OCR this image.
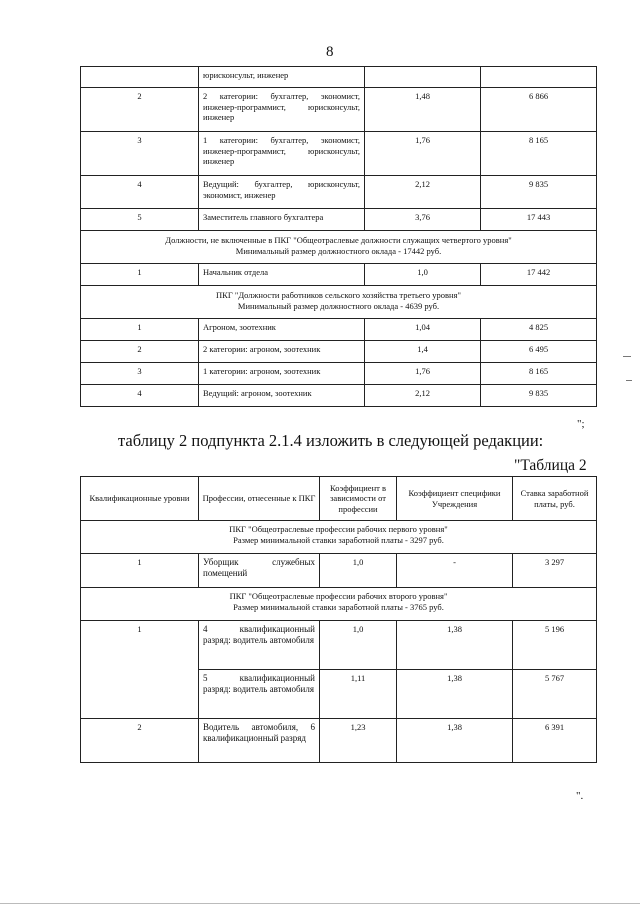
8
	юрисконсульт, инженер		
2	2 категории: бухгалтер, экономист, инженер-программист, юрисконсульт, инженер	1,48	6 866
3	1 категории: бухгалтер, экономист, инженер-программист, юрисконсульт, инженер	1,76	8 165
4	Ведущий: бухгалтер, юрисконсульт, экономист, инженер	2,12	9 835
5	Заместитель главного бухгалтера	3,76	17 443

Должности, не включенные в ПКГ "Общеотраслевые должности служащих четвертого уровня"
Минимальный размер должностного оклада - 17442 руб.			

1	Начальник отдела	1,0	17 442

ПКГ "Должности работников сельского хозяйства третьего уровня"
Минимальный размер должностного оклада - 4639 руб.			

1	Агроном, зоотехник	1,04	4 825
2	2 категории: агроном, зоотехник	1,4	6 495
3	1 категории: агроном, зоотехник	1,76	8 165
4	Ведущий: агроном, зоотехник	2,12	9 835
";
таблицу 2 подпункта 2.1.4 изложить в следующей редакции:
"Таблица 2
Квалификационные уровни	Профессии, отнесенные к ПКГ	Коэффициент в зависимости от профессии	Коэффициент специфики Учреждения	Ставка заработной платы, руб.

ПКГ "Общеотраслевые профессии рабочих первого уровня"
Размер минимальной ставки заработной платы - 3297 руб.				

1	Уборщик служебных помещений	1,0	-	3 297

ПКГ "Общеотраслевые профессии рабочих второго уровня"
Размер минимальной ставки заработной платы - 3765 руб.				

1	4 квалификационный разряд: водитель автомобиля	1,0	1,38	5 196
	5 квалификационный разряд: водитель автомобиля	1,11	1,38	5 767
2	Водитель автомобиля, 6 квалификационный разряд	1,23	1,38	6 391
".
